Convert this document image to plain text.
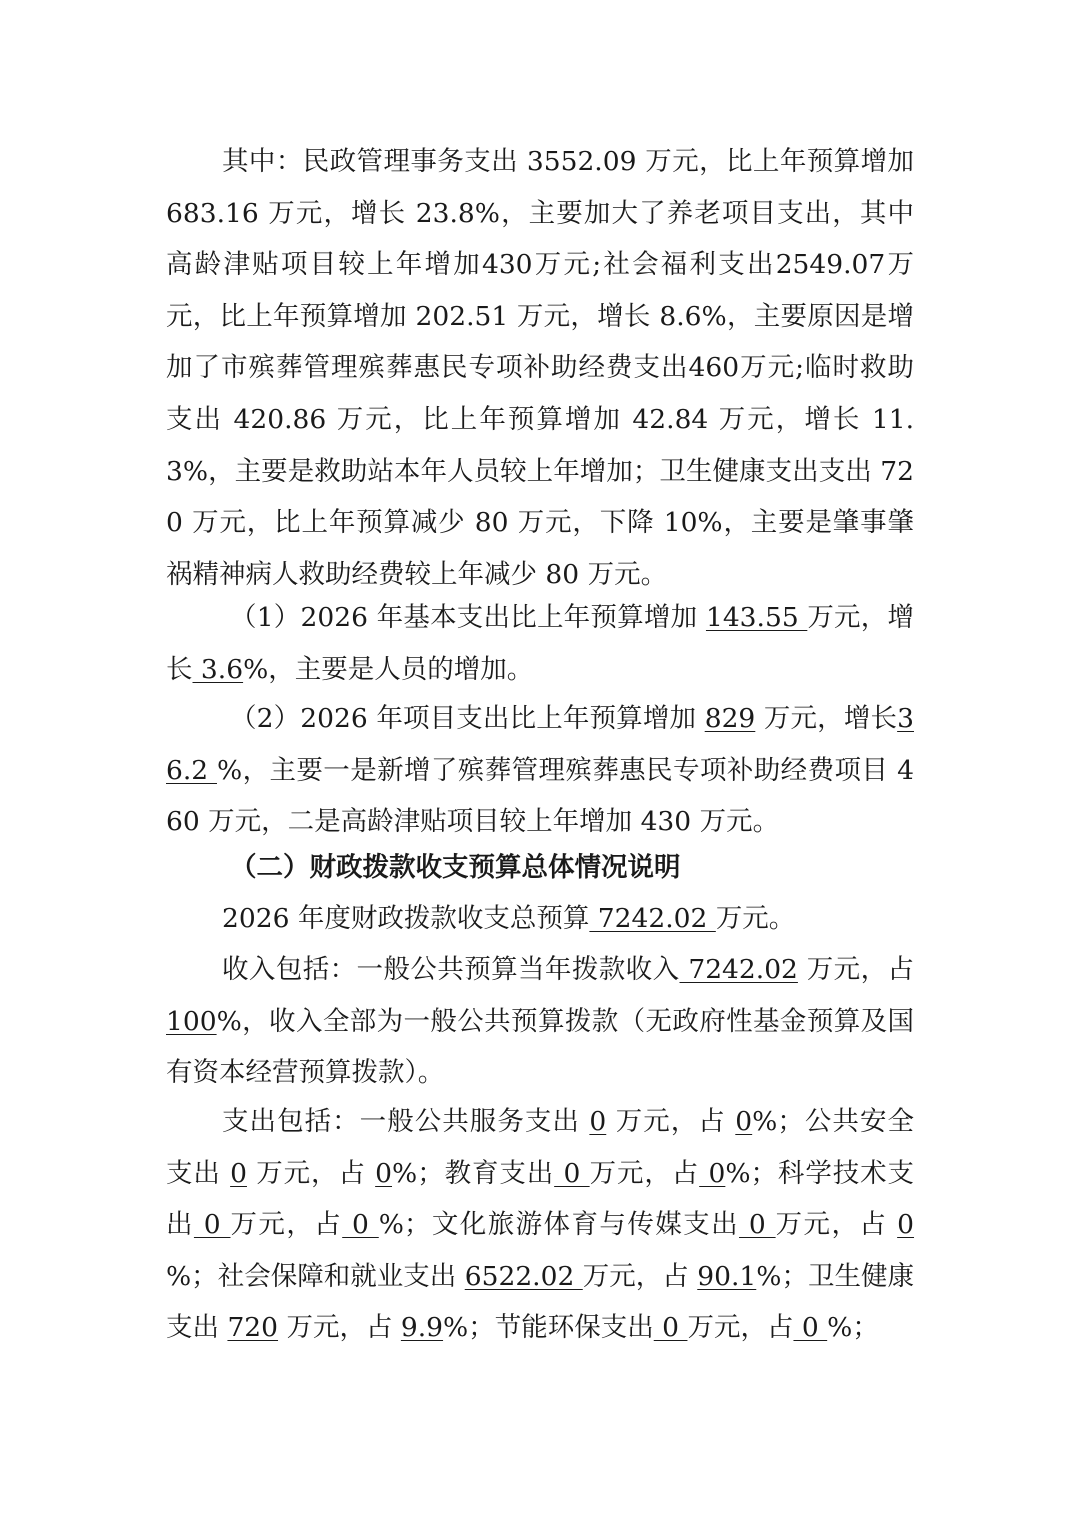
其中：民政管理事务支出 3552.09 万元，比上年预算增加 683.16 万元，增长 23.8%，主要加大了养老项目支出，其中高龄津贴项目较上年增加430万元;社会福利支出2549.07万元，比上年预算增加 202.51 万元，增长 8.6%，主要原因是增加了市殡葬管理殡葬惠民专项补助经费支出460万元;临时救助支出 420.86 万元，比上年预算增加 42.84 万元，增长 11.3%，主要是救助站本年人员较上年增加；卫生健康支出支出 720 万元，比上年预算减少 80 万元，下降 10%，主要是肇事肇祸精神病人救助经费较上年减少 80 万元。

（1）2026 年基本支出比上年预算增加 143.55 万元，增长 3.6%，主要是人员的增加。

（2）2026 年项目支出比上年预算增加 829 万元，增长36.2 %，主要一是新增了殡葬管理殡葬惠民专项补助经费项目 460 万元，二是高龄津贴项目较上年增加 430 万元。

（二）财政拨款收支预算总体情况说明

2026 年度财政拨款收支总预算 7242.02 万元。

收入包括：一般公共预算当年拨款收入 7242.02 万元，占 100%，收入全部为一般公共预算拨款（无政府性基金预算及国有资本经营预算拨款）。

支出包括：一般公共服务支出 0 万元，占 0%；公共安全支出 0 万元，占 0%；教育支出 0 万元，占 0%；科学技术支出 0 万元，占 0 %；文化旅游体育与传媒支出 0 万元，占 0 %；社会保障和就业支出 6522.02 万元，占 90.1%；卫生健康支出 720 万元，占 9.9%；节能环保支出 0 万元，占 0 %；
